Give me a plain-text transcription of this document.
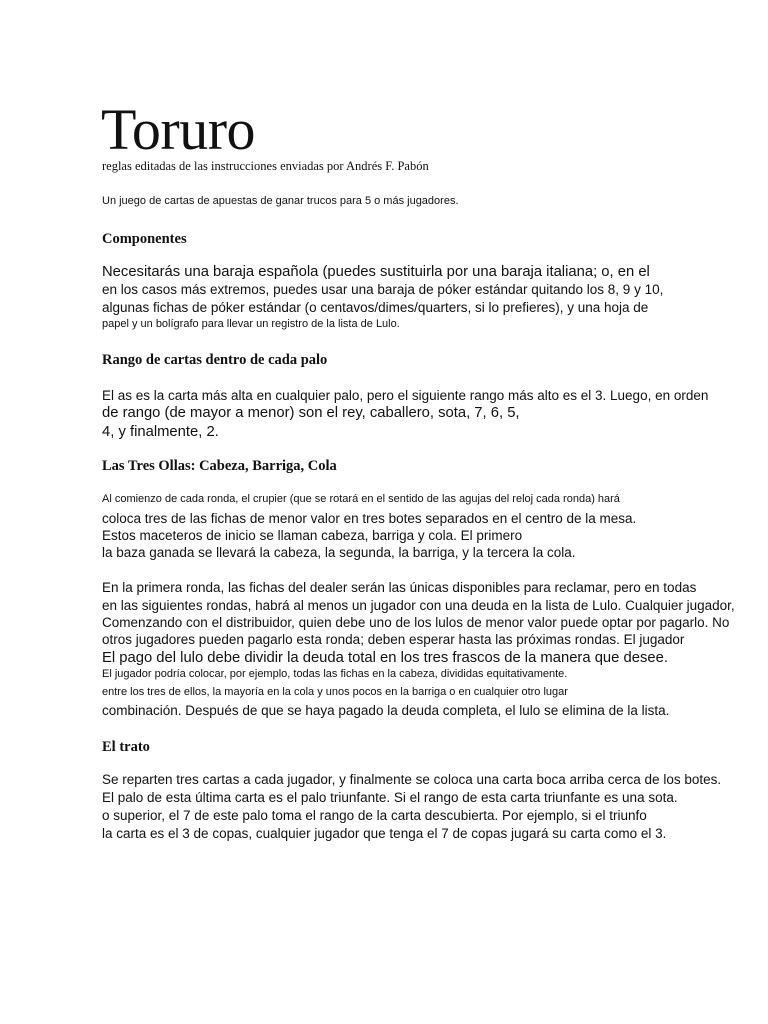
Toruro
reglas editadas de las instrucciones enviadas por Andrés F. Pabón
Un juego de cartas de apuestas de ganar trucos para 5 o más jugadores.
Componentes
Necesitarás una baraja española (puedes sustituirla por una baraja italiana; o, en el
en los casos más extremos, puedes usar una baraja de póker estándar quitando los 8, 9 y 10,
algunas fichas de póker estándar (o centavos/dimes/quarters, si lo prefieres), y una hoja de
papel y un bolígrafo para llevar un registro de la lista de Lulo.
Rango de cartas dentro de cada palo
El as es la carta más alta en cualquier palo, pero el siguiente rango más alto es el 3. Luego, en orden
de rango (de mayor a menor) son el rey, caballero, sota, 7, 6, 5,
4, y finalmente, 2.
Las Tres Ollas: Cabeza, Barriga, Cola
Al comienzo de cada ronda, el crupier (que se rotará en el sentido de las agujas del reloj cada ronda) hará
coloca tres de las fichas de menor valor en tres botes separados en el centro de la mesa.
Estos maceteros de inicio se llaman cabeza, barriga y cola. El primero
la baza ganada se llevará la cabeza, la segunda, la barriga, y la tercera la cola.
En la primera ronda, las fichas del dealer serán las únicas disponibles para reclamar, pero en todas
en las siguientes rondas, habrá al menos un jugador con una deuda en la lista de Lulo. Cualquier jugador,
Comenzando con el distribuidor, quien debe uno de los lulos de menor valor puede optar por pagarlo. No
otros jugadores pueden pagarlo esta ronda; deben esperar hasta las próximas rondas. El jugador
El pago del lulo debe dividir la deuda total en los tres frascos de la manera que desee.
El jugador podría colocar, por ejemplo, todas las fichas en la cabeza, divididas equitativamente.
entre los tres de ellos, la mayoría en la cola y unos pocos en la barriga o en cualquier otro lugar
combinación. Después de que se haya pagado la deuda completa, el lulo se elimina de la lista.
El trato
Se reparten tres cartas a cada jugador, y finalmente se coloca una carta boca arriba cerca de los botes.
El palo de esta última carta es el palo triunfante. Si el rango de esta carta triunfante es una sota.
o superior, el 7 de este palo toma el rango de la carta descubierta. Por ejemplo, si el triunfo
la carta es el 3 de copas, cualquier jugador que tenga el 7 de copas jugará su carta como el 3.
